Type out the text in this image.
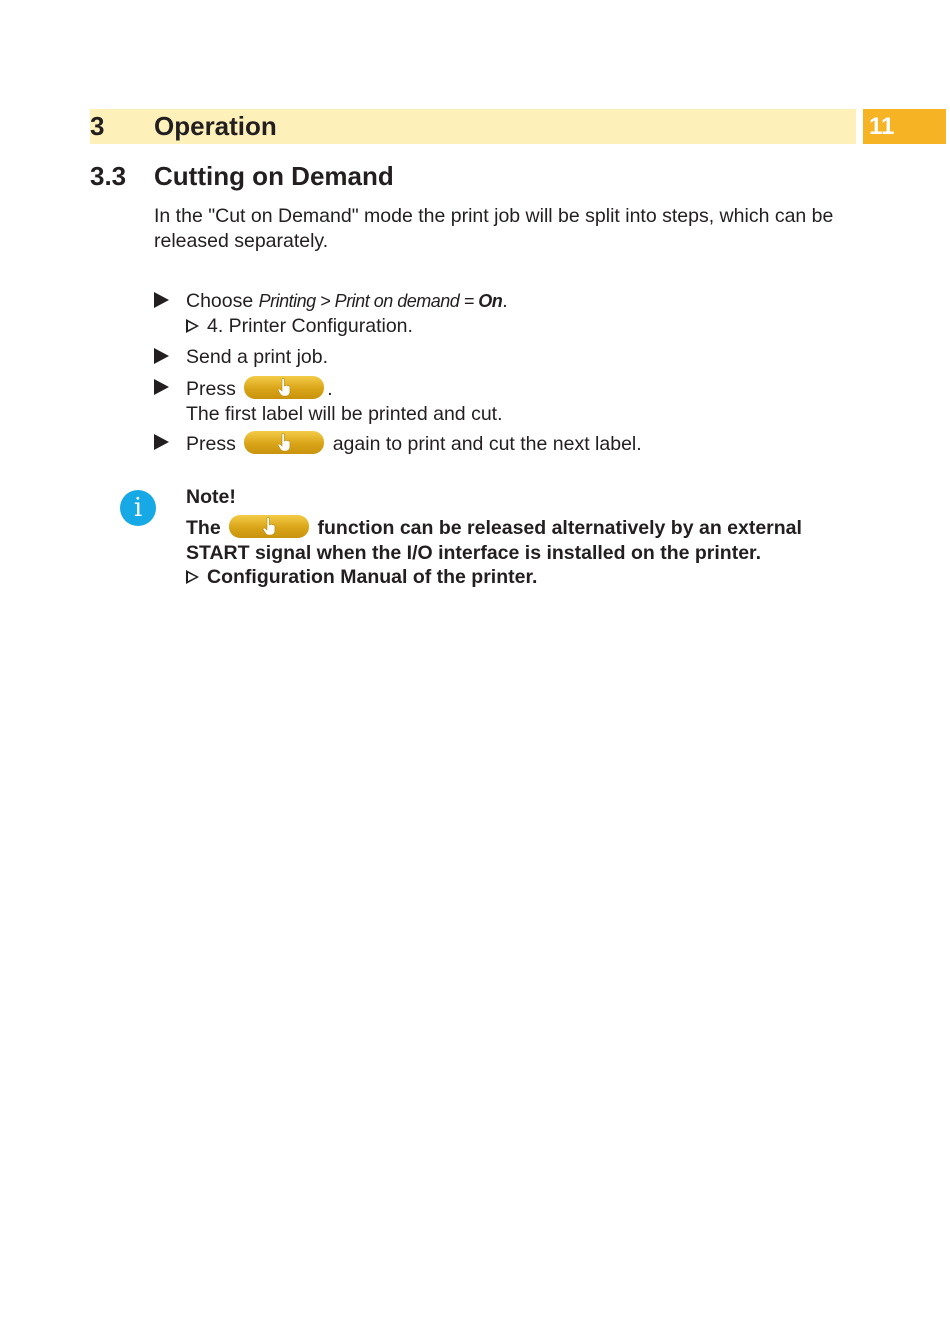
3 Operation	11
3.3 Cutting on Demand

In the "Cut on Demand" mode the print job will be split into steps, which can be released separately.

Choose Printing > Print on demand = On.
4. Printer Configuration.
Send a print job.
Press	.
The first label will be printed and cut.
Press	again to print and cut the next label.
i	Note!

The	function can be released alternatively by an external START signal when the I/O interface is installed on the printer.
Configuration Manual of the printer.
